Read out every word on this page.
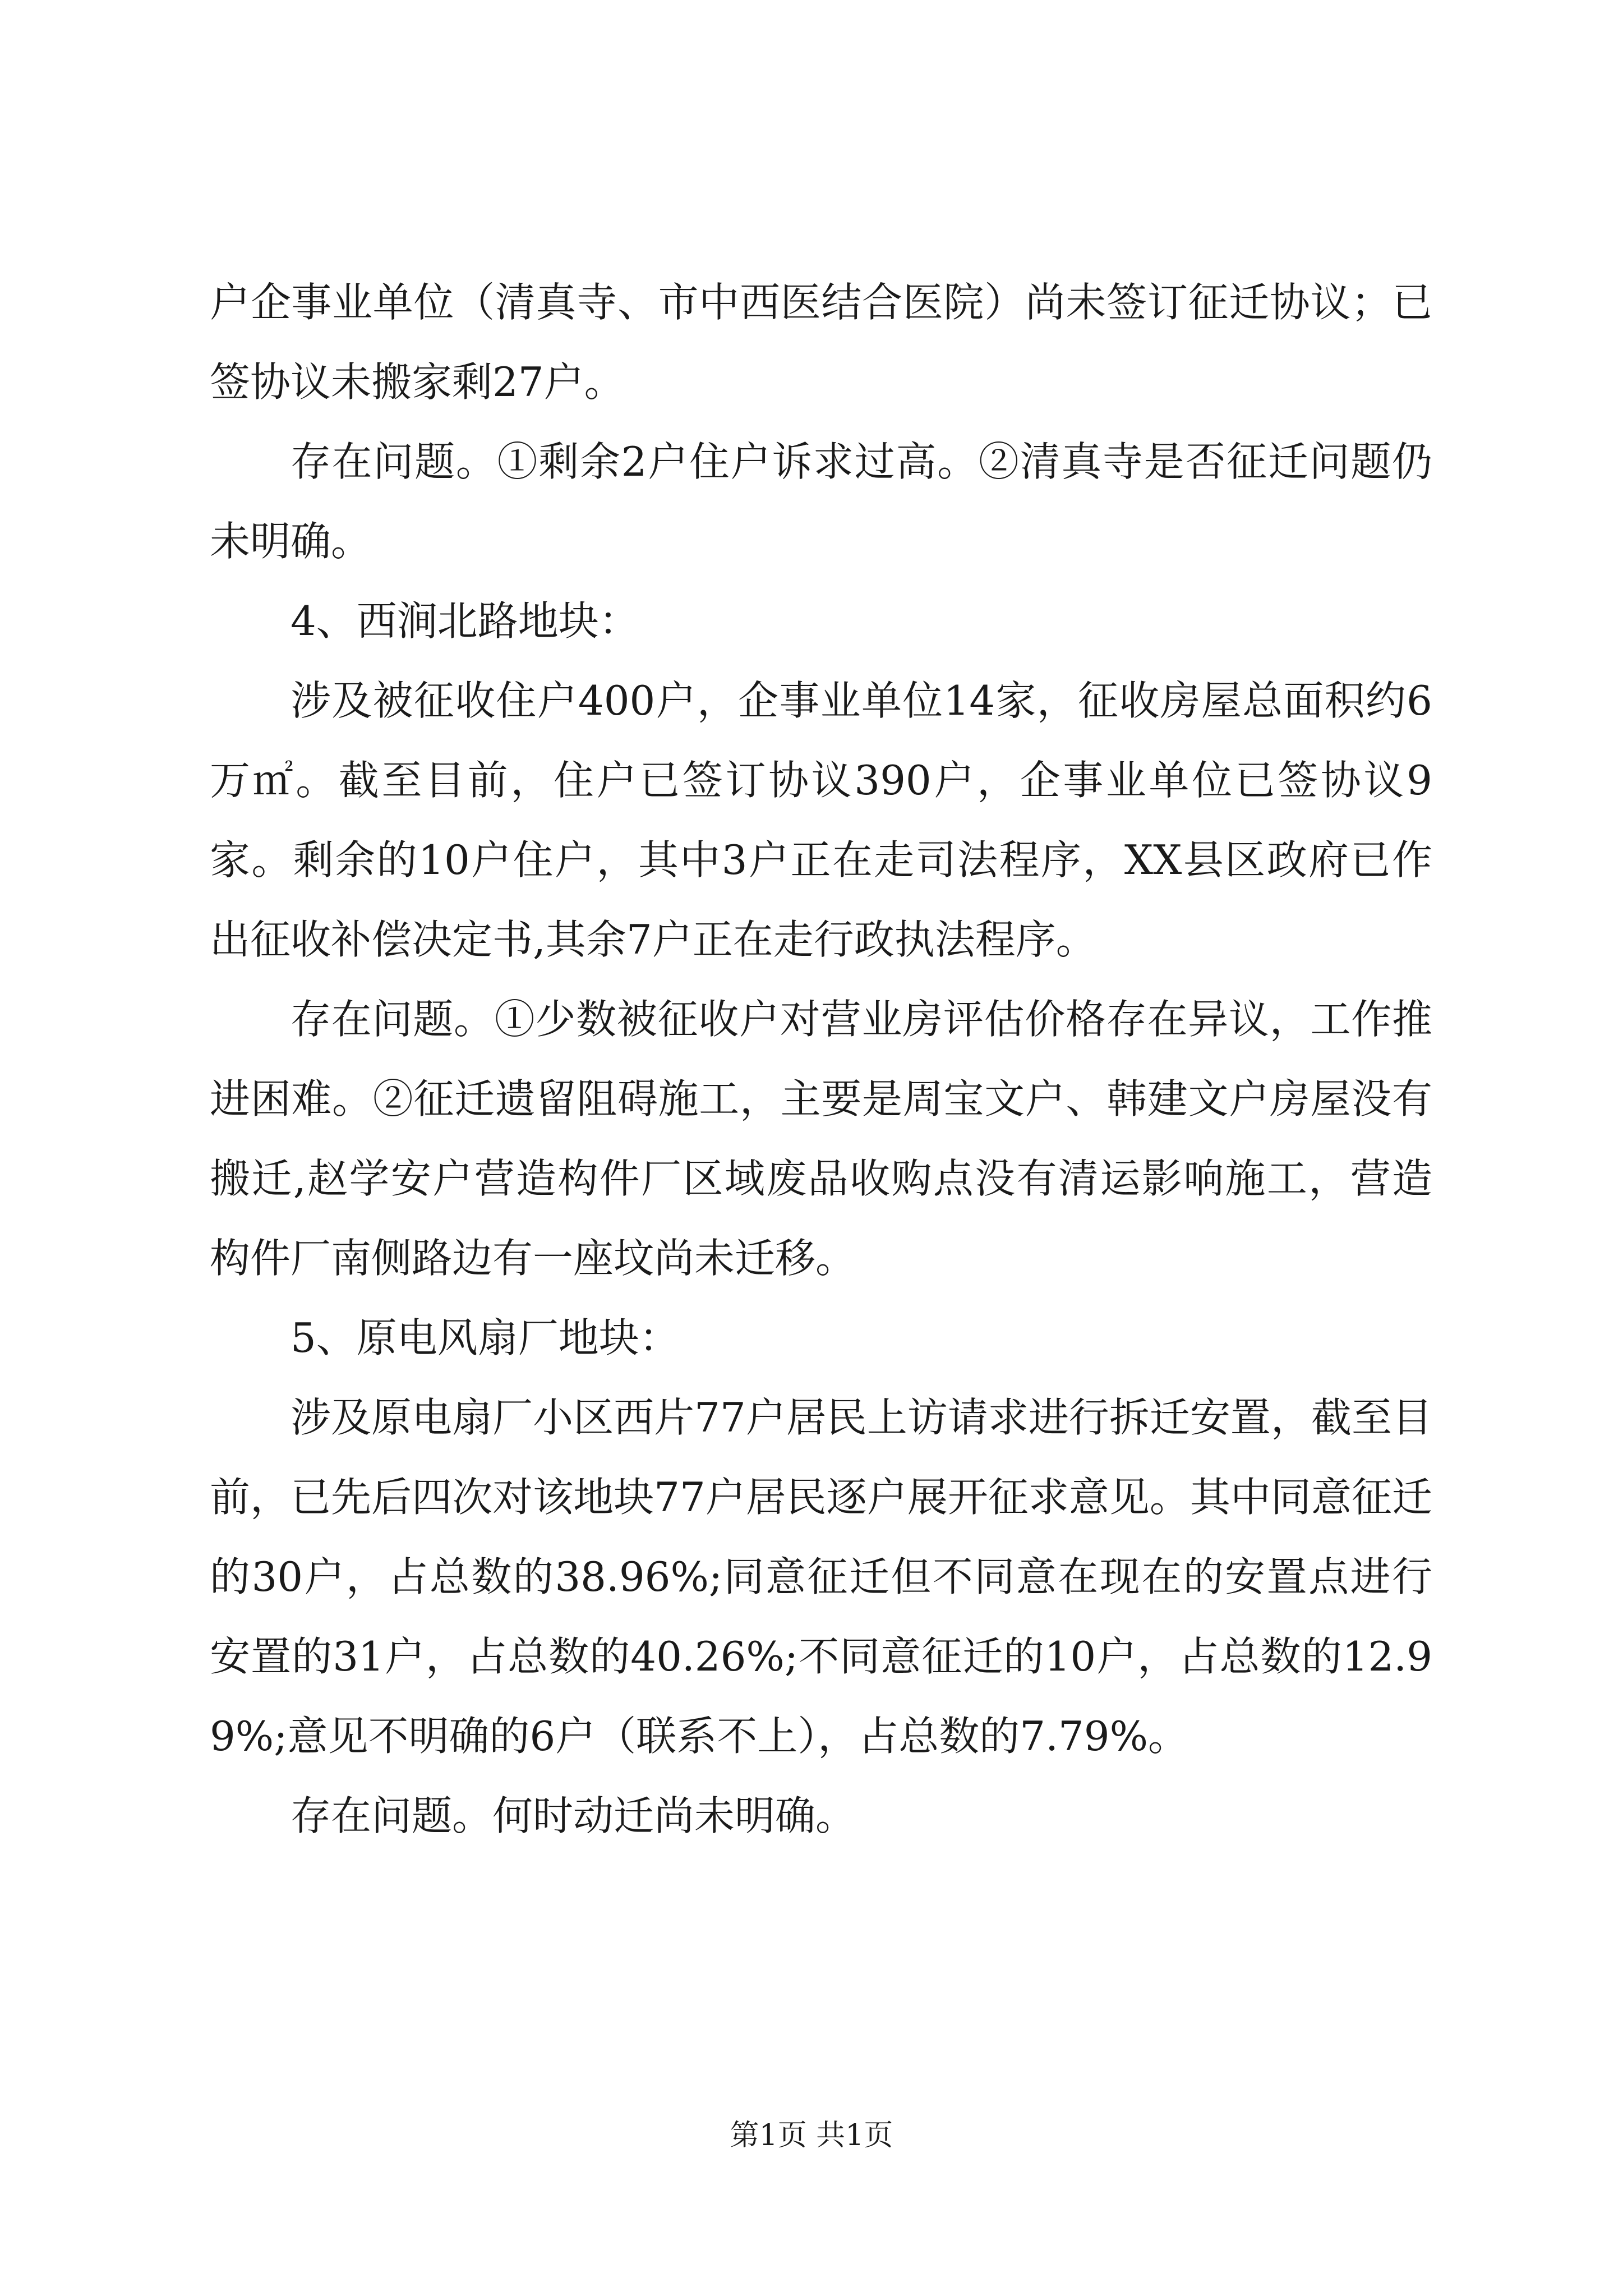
户企事业单位（清真寺、市中西医结合医院）尚未签订征迁协议；已签协议未搬家剩27户。

存在问题。①剩余2户住户诉求过高。②清真寺是否征迁问题仍未明确。

4、西涧北路地块：

涉及被征收住户400户，企事业单位14家，征收房屋总面积约6万㎡。截至目前，住户已签订协议390户，企事业单位已签协议9家。剩余的10户住户，其中3户正在走司法程序，XX县区政府已作出征收补偿决定书,其余7户正在走行政执法程序。

存在问题。①少数被征收户对营业房评估价格存在异议，工作推进困难。②征迁遗留阻碍施工，主要是周宝文户、韩建文户房屋没有搬迁,赵学安户营造构件厂区域废品收购点没有清运影响施工，营造构件厂南侧路边有一座坟尚未迁移。

5、原电风扇厂地块：

涉及原电扇厂小区西片77户居民上访请求进行拆迁安置，截至目前，已先后四次对该地块77户居民逐户展开征求意见。其中同意征迁的30户，占总数的38.96%;同意征迁但不同意在现在的安置点进行安置的31户，占总数的40.26%;不同意征迁的10户，占总数的12.99%;意见不明确的6户（联系不上），占总数的7.79%。

存在问题。何时动迁尚未明确。

第1页 共1页
